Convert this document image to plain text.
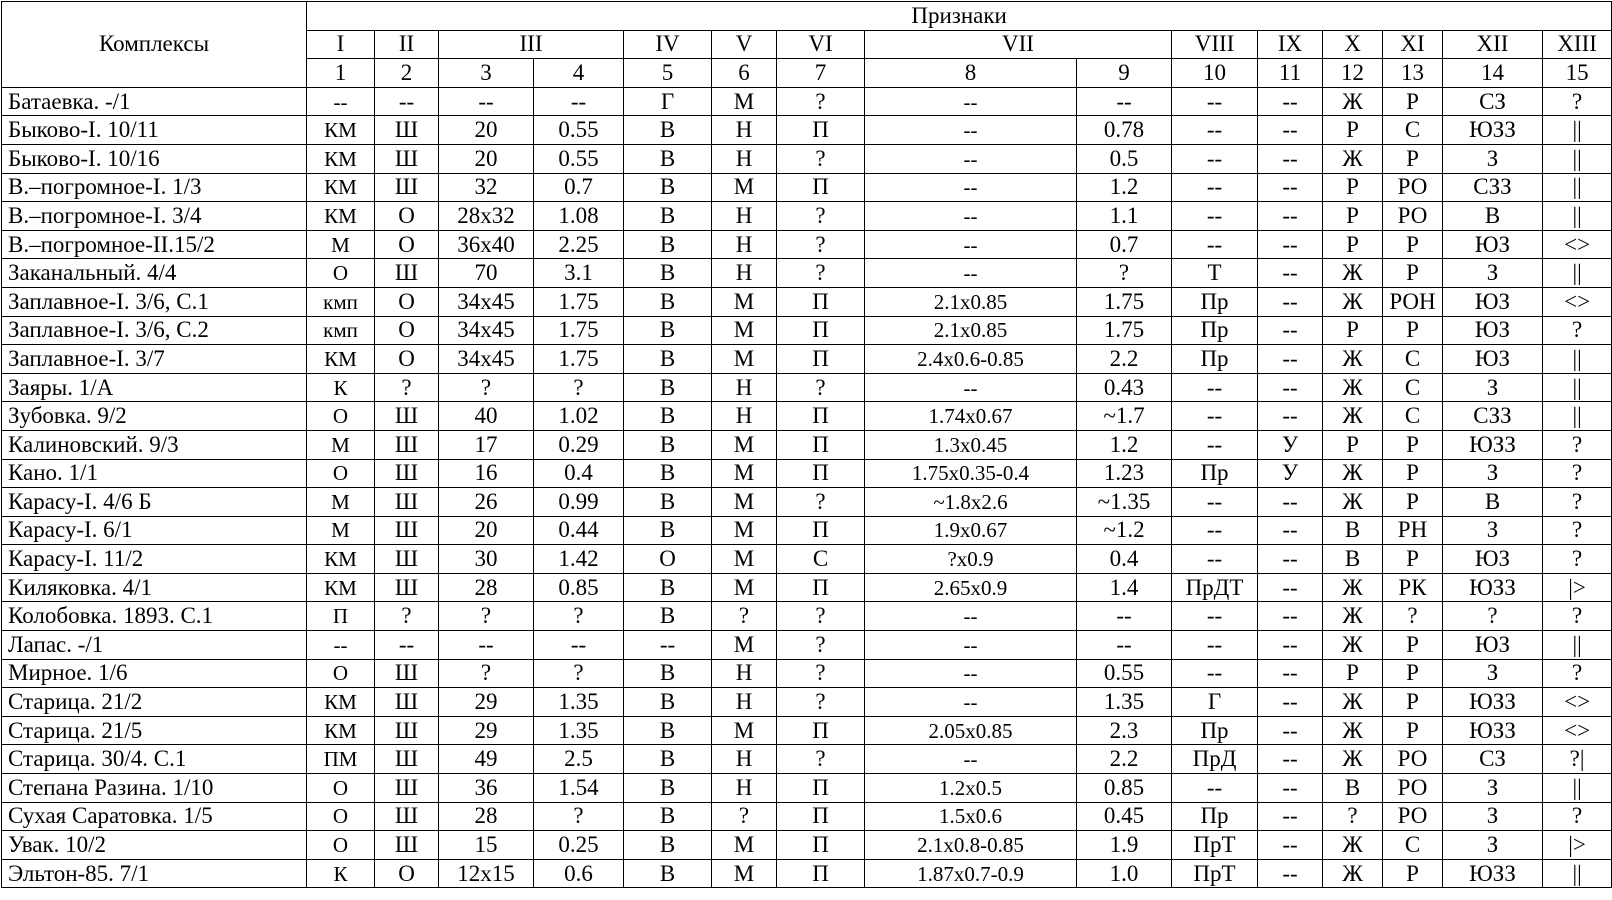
Комплексы	Признаки														
	I	II	III		IV	V	VI	VII		VIII	IX	X	XI	XII	XIII
	1	2	3	4	5	6	7	8	9	10	11	12	13	14	15
Батаевка. -/1	--	--	--	--	Г	М	?	--	--	--	--	Ж	Р	СЗ	?
Быково-I. 10/11	КМ	Ш	20	0.55	В	Н	П	--	0.78	--	--	Р	С	ЮЗЗ	||
Быково-I. 10/16	КМ	Ш	20	0.55	В	Н	?	--	0.5	--	--	Ж	Р	З	||
В.–погромное-I. 1/3	КМ	Ш	32	0.7	В	М	П	--	1.2	--	--	Р	РО	СЗЗ	||
В.–погромное-I. 3/4	КМ	О	28x32	1.08	В	Н	?	--	1.1	--	--	Р	РО	В	||
В.–погромное-II.15/2	М	О	36x40	2.25	В	Н	?	--	0.7	--	--	Р	Р	ЮЗ	<>
Заканальный. 4/4	О	Ш	70	3.1	В	Н	?	--	?	Т	--	Ж	Р	З	||
Заплавное-I. 3/6, С.1	кмп	О	34x45	1.75	В	М	П	2.1x0.85	1.75	Пр	--	Ж	РОН	ЮЗ	<>
Заплавное-I. 3/6, С.2	кмп	О	34x45	1.75	В	М	П	2.1x0.85	1.75	Пр	--	Р	Р	ЮЗ	?
Заплавное-I. 3/7	КМ	О	34x45	1.75	В	М	П	2.4x0.6-0.85	2.2	Пр	--	Ж	С	ЮЗ	||
Заяры. 1/А	К	?	?	?	В	Н	?	--	0.43	--	--	Ж	С	З	||
Зубовка. 9/2	О	Ш	40	1.02	В	Н	П	1.74x0.67	~1.7	--	--	Ж	С	СЗЗ	||
Калиновский. 9/3	М	Ш	17	0.29	В	М	П	1.3x0.45	1.2	--	У	Р	Р	ЮЗЗ	?
Кано. 1/1	О	Ш	16	0.4	В	М	П	1.75x0.35-0.4	1.23	Пр	У	Ж	Р	З	?
Карасу-I. 4/6 Б	М	Ш	26	0.99	В	М	?	~1.8x2.6	~1.35	--	--	Ж	Р	В	?
Карасу-I. 6/1	М	Ш	20	0.44	В	М	П	1.9x0.67	~1.2	--	--	В	РН	З	?
Карасу-I. 11/2	КМ	Ш	30	1.42	О	М	С	?x0.9	0.4	--	--	В	Р	ЮЗ	?
Киляковка. 4/1	КМ	Ш	28	0.85	В	М	П	2.65x0.9	1.4	ПрДТ	--	Ж	РК	ЮЗЗ	|>
Колобовка. 1893. С.1	П	?	?	?	В	?	?	--	--	--	--	Ж	?	?	?
Лапас. -/1	--	--	--	--	--	М	?	--	--	--	--	Ж	Р	ЮЗ	||
Мирное. 1/6	О	Ш	?	?	В	Н	?	--	0.55	--	--	Р	Р	З	?
Старица. 21/2	КМ	Ш	29	1.35	В	Н	?	--	1.35	Г	--	Ж	Р	ЮЗЗ	<>
Старица. 21/5	КМ	Ш	29	1.35	В	М	П	2.05x0.85	2.3	Пр	--	Ж	Р	ЮЗЗ	<>
Старица. 30/4. С.1	ПМ	Ш	49	2.5	В	Н	?	--	2.2	ПрД	--	Ж	РО	СЗ	?|
Степана Разина. 1/10	О	Ш	36	1.54	В	Н	П	1.2x0.5	0.85	--	--	В	РО	З	||
Сухая Саратовка. 1/5	О	Ш	28	?	В	?	П	1.5x0.6	0.45	Пр	--	?	РО	З	?
Увак. 10/2	О	Ш	15	0.25	В	М	П	2.1x0.8-0.85	1.9	ПрТ	--	Ж	С	З	|>
Эльтон-85. 7/1	К	О	12x15	0.6	В	М	П	1.87x0.7-0.9	1.0	ПрТ	--	Ж	Р	ЮЗЗ	||
